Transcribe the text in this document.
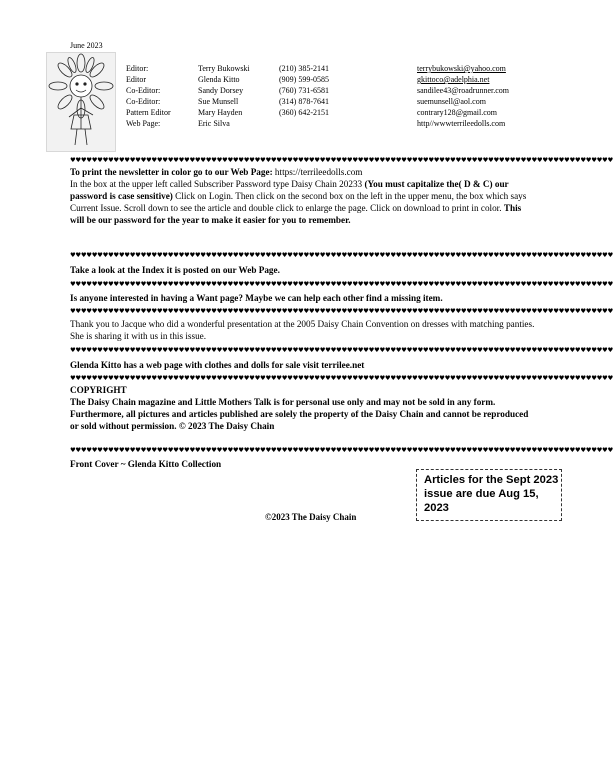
June 2023
Editor:
Editor
Co-Editor:
Co-Editor:
Pattern Editor
Web Page:
Terry Bukowski
Glenda Kitto
Sandy Dorsey
Sue Munsell
Mary Hayden
Eric Silva
(210) 385-2141
(909) 599-0585
(760) 731-6581
(314) 878-7641
(360) 642-2151
terrybukowski@yahoo.com
gkittoco@adelphia.net
sandilee43@roadrunner.com
suemunsell@aol.com
contrary128@gmail.com
http//wwwterrileedolls.com
♥♥♥♥♥♥♥♥♥♥♥♥♥♥♥♥♥♥♥♥♥♥♥♥♥♥♥♥♥♥♥♥♥♥♥♥♥♥♥♥♥♥♥♥♥♥♥♥♥♥♥♥♥♥♥♥♥♥♥♥♥♥♥♥♥♥♥♥♥♥♥♥♥♥♥♥♥♥♥♥♥♥♥♥♥♥♥♥♥♥♥♥♥♥♥♥♥♥♥♥
To print the newsletter in color go to our Web Page: https://terrileedolls.com
In the box at the upper left called Subscriber Password type Daisy Chain 20233 (You must capitalize the( D & C) our password is case sensitive) Click on Login. Then click on the second box on the left in the upper menu, the box which says Current Issue. Scroll down to see the article and double click to enlarge the page. Click on download to print in color. This will be our password for the year to make it easier for you to remember.
♥♥♥♥♥♥♥♥♥♥♥♥♥♥♥♥♥♥♥♥♥♥♥♥♥♥♥♥♥♥♥♥♥♥♥♥♥♥♥♥♥♥♥♥♥♥♥♥♥♥♥♥♥♥♥♥♥♥♥♥♥♥♥♥♥♥♥♥♥♥♥♥♥♥♥♥♥♥♥♥♥♥♥♥♥♥♥♥♥♥♥♥♥♥♥♥♥♥♥♥
Take a look at the Index it is posted on our Web Page.
♥♥♥♥♥♥♥♥♥♥♥♥♥♥♥♥♥♥♥♥♥♥♥♥♥♥♥♥♥♥♥♥♥♥♥♥♥♥♥♥♥♥♥♥♥♥♥♥♥♥♥♥♥♥♥♥♥♥♥♥♥♥♥♥♥♥♥♥♥♥♥♥♥♥♥♥♥♥♥♥♥♥♥♥♥♥♥♥♥♥♥♥♥♥♥♥♥♥♥♥
Is anyone interested in having a Want page? Maybe we can help each other find a missing item.
♥♥♥♥♥♥♥♥♥♥♥♥♥♥♥♥♥♥♥♥♥♥♥♥♥♥♥♥♥♥♥♥♥♥♥♥♥♥♥♥♥♥♥♥♥♥♥♥♥♥♥♥♥♥♥♥♥♥♥♥♥♥♥♥♥♥♥♥♥♥♥♥♥♥♥♥♥♥♥♥♥♥♥♥♥♥♥♥♥♥♥♥♥♥♥♥♥♥♥♥
Thank you to Jacque who did a wonderful presentation at the 2005 Daisy Chain Convention on dresses with matching panties. She is sharing it with us in this issue.
♥♥♥♥♥♥♥♥♥♥♥♥♥♥♥♥♥♥♥♥♥♥♥♥♥♥♥♥♥♥♥♥♥♥♥♥♥♥♥♥♥♥♥♥♥♥♥♥♥♥♥♥♥♥♥♥♥♥♥♥♥♥♥♥♥♥♥♥♥♥♥♥♥♥♥♥♥♥♥♥♥♥♥♥♥♥♥♥♥♥♥♥♥♥♥♥♥♥♥♥
Glenda Kitto has a web page with clothes and dolls for sale visit terrilee.net
♥♥♥♥♥♥♥♥♥♥♥♥♥♥♥♥♥♥♥♥♥♥♥♥♥♥♥♥♥♥♥♥♥♥♥♥♥♥♥♥♥♥♥♥♥♥♥♥♥♥♥♥♥♥♥♥♥♥♥♥♥♥♥♥♥♥♥♥♥♥♥♥♥♥♥♥♥♥♥♥♥♥♥♥♥♥♥♥♥♥♥♥♥♥♥♥♥♥♥♥
COPYRIGHT
The Daisy Chain magazine and Little Mothers Talk is for personal use only and may not be sold in any form. Furthermore, all pictures and articles published are solely the property of the Daisy Chain and cannot be reproduced or sold without permission. © 2023 The Daisy Chain
♥♥♥♥♥♥♥♥♥♥♥♥♥♥♥♥♥♥♥♥♥♥♥♥♥♥♥♥♥♥♥♥♥♥♥♥♥♥♥♥♥♥♥♥♥♥♥♥♥♥♥♥♥♥♥♥♥♥♥♥♥♥♥♥♥♥♥♥♥♥♥♥♥♥♥♥♥♥♥♥♥♥♥♥♥♥♥♥♥♥♥♥♥♥♥♥♥♥♥♥
Front Cover ~ Glenda Kitto Collection
Articles for the Sept 2023 issue are due Aug 15, 2023
©2023 The Daisy Chain
